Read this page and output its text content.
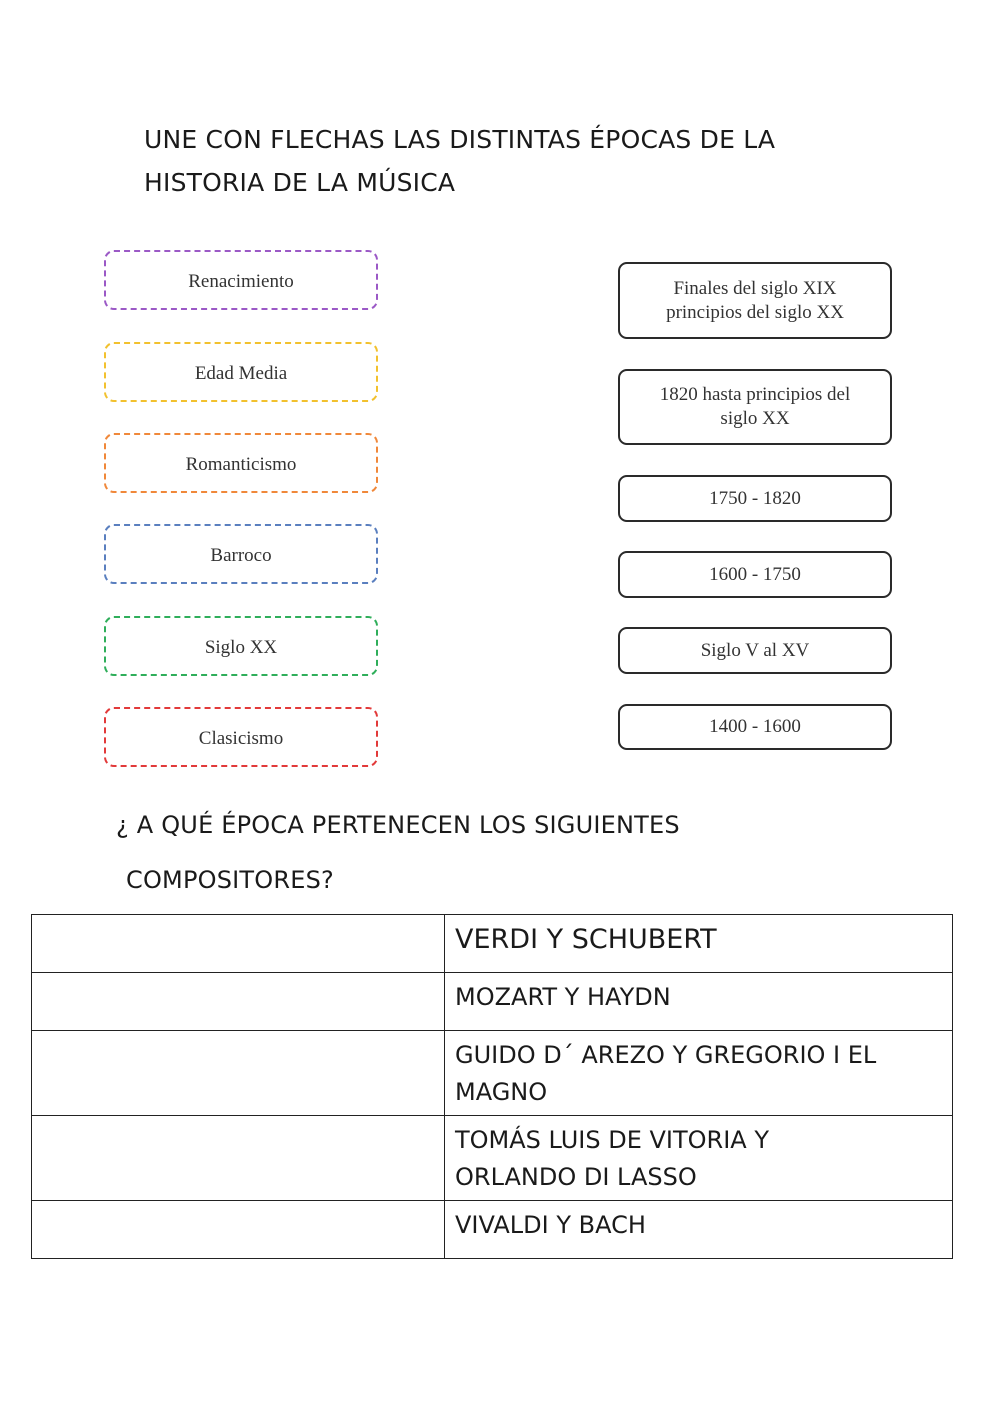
UNE CON FLECHAS LAS DISTINTAS ÉPOCAS DE LA
HISTORIA DE LA MÚSICA
Renacimiento
Edad Media
Romanticismo
Barroco
Siglo XX
Clasicismo
Finales del siglo XIX
principios del siglo XX
1820 hasta principios del
siglo XX
1750 - 1820
1600 - 1750
Siglo V al XV
1400 - 1600
¿ A QUÉ ÉPOCA PERTENECEN LOS SIGUIENTES
COMPOSITORES?

	VERDI Y SCHUBERT

	MOZART Y HAYDN

	GUIDO D´ AREZO Y GREGORIO I EL
MAGNO

	TOMÁS LUIS DE VITORIA Y
ORLANDO DI LASSO

	VIVALDI Y BACH
